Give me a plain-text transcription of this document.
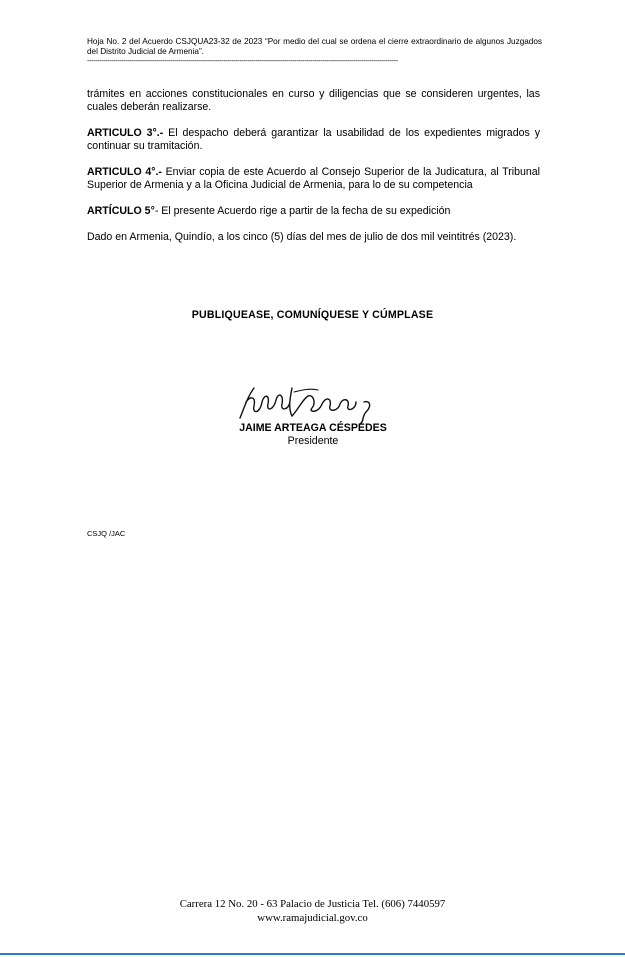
Hoja No. 2 del Acuerdo CSJQUA23-32 de 2023 “Por medio del cual se ordena el cierre extraordinario de algunos Juzgados del Distrito Judicial de Armenia”.
---------------------------------------------------------------------------------------------------------------------------------------------------------

trámites en acciones constitucionales en curso y diligencias que se consideren urgentes, las cuales deberán realizarse.

ARTICULO 3°.- El despacho deberá garantizar la usabilidad de los expedientes migrados y continuar su tramitación.

ARTICULO 4°.- Enviar copia de este Acuerdo al Consejo Superior de la Judicatura, al Tribunal Superior de Armenia y a la Oficina Judicial de Armenia, para lo de su competencia

ARTÍCULO 5°- El presente Acuerdo rige a partir de la fecha de su expedición

Dado en Armenia, Quindío, a los cinco (5) días del mes de julio de dos mil veintitrés (2023).

PUBLIQUEASE, COMUNÍQUESE Y CÚMPLASE
JAIME ARTEAGA CÉSPEDES
Presidente
CSJQ /JAC
Carrera 12 No. 20 - 63 Palacio de Justicia Tel. (606) 7440597
www.ramajudicial.gov.co
